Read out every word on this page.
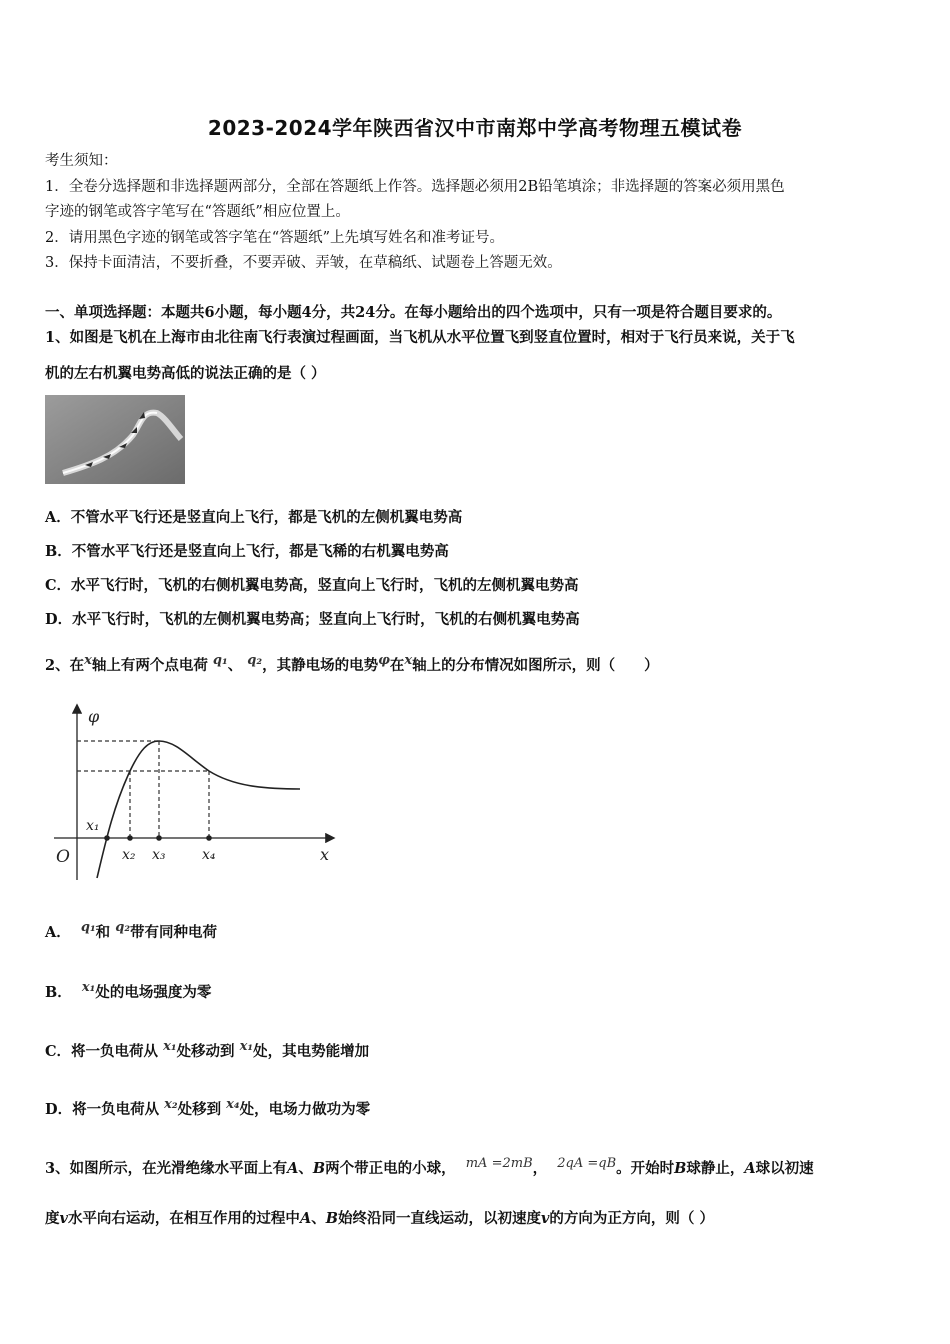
2023-2024学年陕西省汉中市南郑中学高考物理五模试卷
考生须知：
1．全卷分选择题和非选择题两部分，全部在答题纸上作答。选择题必须用2B铅笔填涂；非选择题的答案必须用黑色
字迹的钢笔或答字笔写在“答题纸”相应位置上。
2．请用黑色字迹的钢笔或答字笔在“答题纸”上先填写姓名和准考证号。
3．保持卡面清洁，不要折叠，不要弄破、弄皱，在草稿纸、试题卷上答题无效。
一、单项选择题：本题共6小题，每小题4分，共24分。在每小题给出的四个选项中，只有一项是符合题目要求的。
1、如图是飞机在上海市由北往南飞行表演过程画面，当飞机从水平位置飞到竖直位置时，相对于飞行员来说，关于飞
机的左右机翼电势高低的说法正确的是（ ）
A．不管水平飞行还是竖直向上飞行，都是飞机的左侧机翼电势高
B．不管水平飞行还是竖直向上飞行，都是飞稀的右机翼电势高
C．水平飞行时，飞机的右侧机翼电势高，竖直向上飞行时，飞机的左侧机翼电势高
D．水平飞行时，飞机的左侧机翼电势高；竖直向上飞行时，飞机的右侧机翼电势高
2、在x轴上有两个点电荷 q₁、 q₂，其静电场的电势φ在x轴上的分布情况如图所示，则（　　）
φ
x
O
x₁
x₂ x₃	x₄
A． q₁和 q₂带有同种电荷
B． x₁处的电场强度为零
C．将一负电荷从 x₁处移动到 x₁处，其电势能增加
D．将一负电荷从 x₂处移到 x₄处，电场力做功为零
3、如图所示，在光滑绝缘水平面上有A、B两个带正电的小球， mA =2mB， 2qA =qB。开始时B球静止，A球以初速
度v水平向右运动，在相互作用的过程中A、B始终沿同一直线运动，以初速度v的方向为正方向，则（ ）
